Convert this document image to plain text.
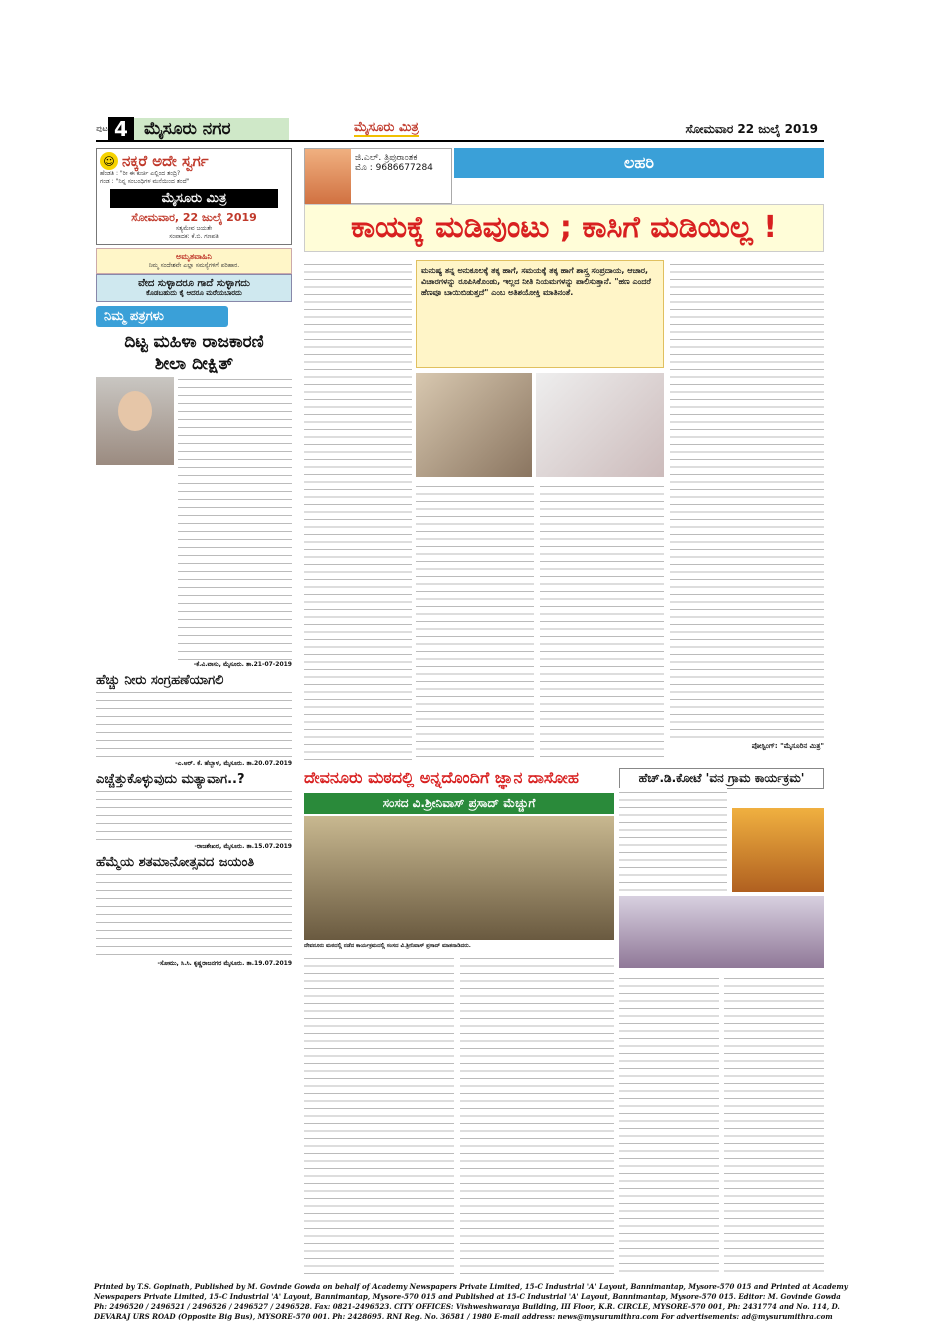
ಪುಟ 4 ಮೈಸೂರು ನಗರ	ಮೈಸೂರು ಮಿತ್ರ	ಸೋಮವಾರ 22 ಜುಲೈ 2019
☺ ನಕ್ಕರೆ ಅದೇ ಸ್ವರ್ಗ
ಹೆಂಡತಿ : "ರೀ ಈ ಕುರ್ಚಿ ಎಲ್ಲಿಂದ ತಂದ್ರಿ?
ಗಂಡ : "ನಿನ್ನ ಸಂಬಂಧಿಗಳ ಮನೆಯಿಂದ ತಂದೆ"
ಮೈಸೂರು ಮಿತ್ರ
ಸೋಮವಾರ, 22 ಜುಲೈ 2019
ಸತ್ಯಮೇವ ಜಯತೇ
ಸಂಪಾದಕ: ಕೆ.ಬಿ. ಗಣಪತಿ
ಅಮೃತವಾಹಿನಿ
ನಿಮ್ಮ ಸಂದೇಶವೇ ಎಲ್ಲಾ ಸಮಸ್ಯೆಗಳಿಗೆ ಪರಿಹಾರ.
ವೇದ ಸುಳ್ಳಾದರೂ ಗಾದೆ ಸುಳ್ಳಾಗದು
ಕೊಡಬಹುದು ಕೈ ಆದರೂ ಮರೆಯಬಾರದು
ನಿಮ್ಮ ಪತ್ರಗಳು
ದಿಟ್ಟ ಮಹಿಳಾ ರಾಜಕಾರಣಿ
ಶೀಲಾ ದೀಕ್ಷಿತ್
-ಕೆ.ವಿ.ವಾಸು, ಮೈಸೂರು. ತಾ.21-07-2019
ಹೆಚ್ಚು ನೀರು ಸಂಗ್ರಹಣೆಯಾಗಲಿ
-ಎ.ಆರ್. ಕೆ. ಹೆಬ್ಬಾಳ, ಮೈಸೂರು. ತಾ.20.07.2019
ಎಚ್ಚೆತ್ತುಕೊಳ್ಳುವುದು ಮತ್ಯಾವಾಗ..?
-ರಾಜಶೇಖರ, ಮೈಸೂರು. ತಾ.15.07.2019
ಹೆಮ್ಮೆಯ ಶತಮಾನೋತ್ಸವದ ಜಯಂತಿ
-ಸೋಮು, ಸಿ.ಸಿ. ಕೃಷ್ಣರಾಜನಗರ ಮೈಸೂರು. ತಾ.19.07.2019
ಜಿ.ಎಲ್. ತ್ರಿಪುರಾಂತಕ
ಮೊ : 9686677284	ಲಹರಿ
ಕಾಯಕ್ಕೆ ಮಡಿವುಂಟು ; ಕಾಸಿಗೆ ಮಡಿಯಿಲ್ಲ !
ಮನುಷ್ಯ ತನ್ನ ಅನುಕೂಲಕ್ಕೆ ತಕ್ಕ ಹಾಗೆ, ಸಮಯಕ್ಕೆ ತಕ್ಕ ಹಾಗೆ ಶಾಸ್ತ್ರ ಸಂಪ್ರದಾಯ, ಆಚಾರ, ವಿಚಾರಗಳನ್ನು ರೂಪಿಸಿಕೊಂಡು, ಇಲ್ಲದ ನೀತಿ ನಿಯಮಗಳನ್ನು ಪಾಲಿಸುತ್ತಾನೆ. "ಹಣ ಎಂದರೆ ಹೆಣವೂ ಬಾಯಿಬಿಡುತ್ತದೆ" ಎಂಬ ಅತಿಶಯೋಕ್ತಿ ಮಾತಿನಂತೆ.
ಪೋಸ್ಟಿಂಗ್: "ಮೈಸೂರಿನ ಮಿತ್ರ"
ದೇವನೂರು ಮಠದಲ್ಲಿ ಅನ್ನದೊಂದಿಗೆ ಜ್ಞಾನ ದಾಸೋಹ
ಸಂಸದ ವಿ.ಶ್ರೀನಿವಾಸ್ ಪ್ರಸಾದ್ ಮೆಚ್ಚುಗೆ
ದೇವನೂರು ಮಠದಲ್ಲಿ ನಡೆದ ಕಾರ್ಯಕ್ರಮದಲ್ಲಿ ಸಂಸದ ವಿ.ಶ್ರೀನಿವಾಸ್ ಪ್ರಸಾದ್ ಮಾತನಾಡಿದರು.
ಹೆಚ್.ಡಿ.ಕೋಟೆ 'ವನ ಗ್ರಾಮ ಕಾರ್ಯಕ್ರಮ'
Printed by T.S. Gopinath, Published by M. Govinde Gowda on behalf of Academy Newspapers Private Limited, 15-C Industrial 'A' Layout, Bannimantap, Mysore-570 015 and Printed at Academy Newspapers Private Limited, 15-C Industrial 'A' Layout, Bannimantap, Mysore-570 015 and Published at 15-C Industrial 'A' Layout, Bannimantap, Mysore-570 015. Editor: M. Govinde Gowda Ph: 2496520 / 2496521 / 2496526 / 2496527 / 2496528. Fax: 0821-2496523. CITY OFFICES: Vishweshwaraya Building, III Floor, K.R. CIRCLE, MYSORE-570 001, Ph: 2431774 and No. 114, D. DEVARAJ URS ROAD (Opposite Big Bus), MYSORE-570 001. Ph: 2428695. RNI Reg. No. 36581 / 1980 E-mail address: news@mysurumithra.com For advertisements: ad@mysurumithra.com
